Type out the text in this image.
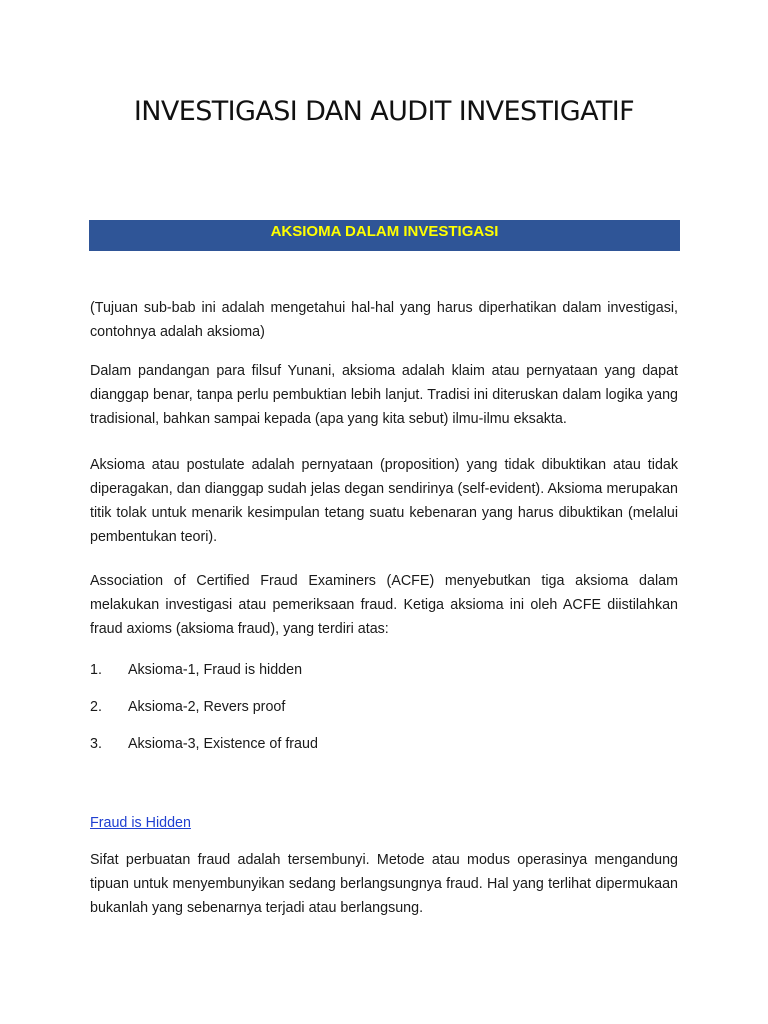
INVESTIGASI DAN AUDIT INVESTIGATIF
AKSIOMA DALAM INVESTIGASI

(Tujuan sub-bab ini adalah mengetahui hal-hal yang harus diperhatikan dalam investigasi, contohnya adalah aksioma)

Dalam pandangan para filsuf Yunani, aksioma adalah klaim atau pernyataan yang dapat dianggap benar, tanpa perlu pembuktian lebih lanjut. Tradisi ini diteruskan dalam logika yang tradisional, bahkan sampai kepada (apa yang kita sebut) ilmu-ilmu eksakta.

Aksioma atau postulate adalah pernyataan (proposition) yang tidak dibuktikan atau tidak diperagakan, dan dianggap sudah jelas degan sendirinya (self-evident). Aksioma merupakan titik tolak untuk menarik kesimpulan tetang suatu kebenaran yang harus dibuktikan (melalui pembentukan teori).

Association of Certified Fraud Examiners (ACFE) menyebutkan tiga aksioma dalam melakukan investigasi atau pemeriksaan fraud. Ketiga aksioma ini oleh ACFE diistilahkan fraud axioms (aksioma fraud), yang terdiri atas:

1. Aksioma-1, Fraud is hidden
2. Aksioma-2, Revers proof
3. Aksioma-3, Existence of fraud
Fraud is Hidden

Sifat perbuatan fraud adalah tersembunyi. Metode atau modus operasinya mengandung tipuan untuk menyembunyikan sedang berlangsungnya fraud. Hal yang terlihat dipermukaan bukanlah yang sebenarnya terjadi atau berlangsung.
